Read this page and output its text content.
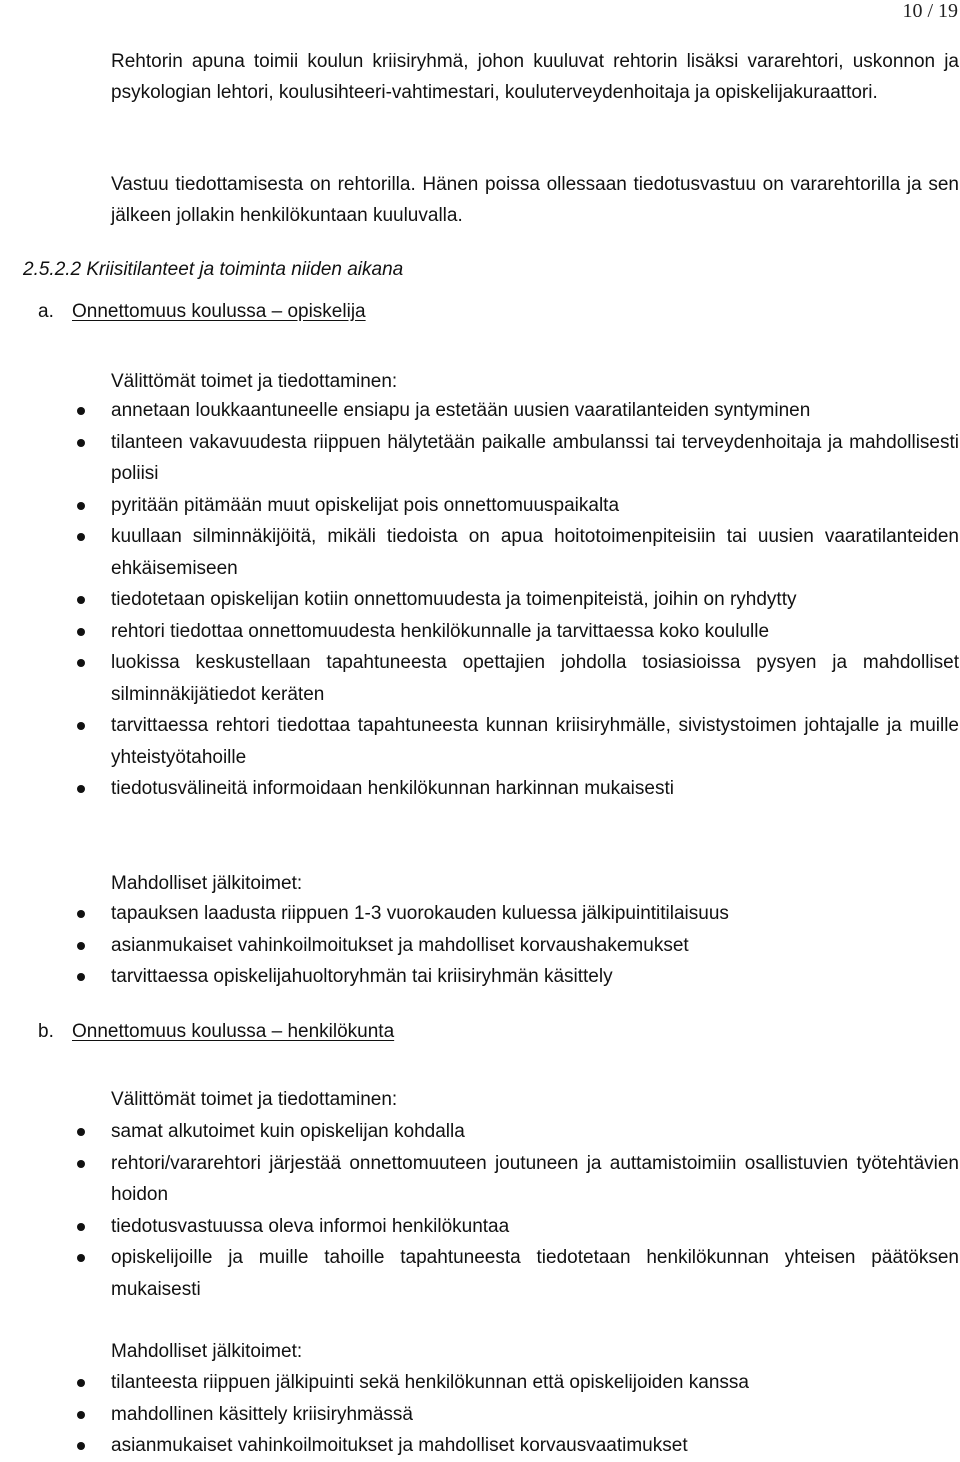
10 / 19

Rehtorin apuna toimii koulun kriisiryhmä, johon kuuluvat rehtorin lisäksi vararehtori, uskonnon ja psykologian lehtori, koulusihteeri-vahtimestari, kouluterveydenhoitaja ja opiskelijakuraattori.

Vastuu tiedottamisesta on rehtorilla. Hänen poissa ollessaan tiedotusvastuu on vararehtorilla ja sen jälkeen jollakin henkilökuntaan kuuluvalla.

2.5.2.2 Kriisitilanteet ja toiminta niiden aikana
a. Onnettomuus koulussa – opiskelija
Välittömät toimet ja tiedottaminen:
annetaan loukkaantuneelle ensiapu ja estetään uusien vaaratilanteiden syntyminen
tilanteen vakavuudesta riippuen hälytetään paikalle ambulanssi tai terveydenhoitaja ja mahdollisesti poliisi
pyritään pitämään muut opiskelijat pois onnettomuuspaikalta
kuullaan silminnäkijöitä, mikäli tiedoista on apua hoitotoimenpiteisiin tai uusien vaaratilanteiden ehkäisemiseen
tiedotetaan opiskelijan kotiin onnettomuudesta ja toimenpiteistä, joihin on ryhdytty
rehtori tiedottaa onnettomuudesta henkilökunnalle ja tarvittaessa koko koululle
luokissa keskustellaan tapahtuneesta opettajien johdolla tosiasioissa pysyen ja mahdolliset silminnäkijätiedot keräten
tarvittaessa rehtori tiedottaa tapahtuneesta kunnan kriisiryhmälle, sivistystoimen johtajalle ja muille yhteistyötahoille
tiedotusvälineitä informoidaan henkilökunnan harkinnan mukaisesti
Mahdolliset jälkitoimet:
tapauksen laadusta riippuen 1-3 vuorokauden kuluessa jälkipuintitilaisuus
asianmukaiset vahinkoilmoitukset ja mahdolliset korvaushakemukset
tarvittaessa opiskelijahuoltoryhmän tai kriisiryhmän käsittely
b. Onnettomuus koulussa – henkilökunta
Välittömät toimet ja tiedottaminen:
samat alkutoimet kuin opiskelijan kohdalla
rehtori/vararehtori järjestää onnettomuuteen joutuneen ja auttamistoimiin osallistuvien työtehtävien hoidon
tiedotusvastuussa oleva informoi henkilökuntaa
opiskelijoille ja muille tahoille tapahtuneesta tiedotetaan henkilökunnan yhteisen päätöksen mukaisesti
Mahdolliset jälkitoimet:
tilanteesta riippuen jälkipuinti sekä henkilökunnan että opiskelijoiden kanssa
mahdollinen käsittely kriisiryhmässä
asianmukaiset vahinkoilmoitukset ja mahdolliset korvausvaatimukset
